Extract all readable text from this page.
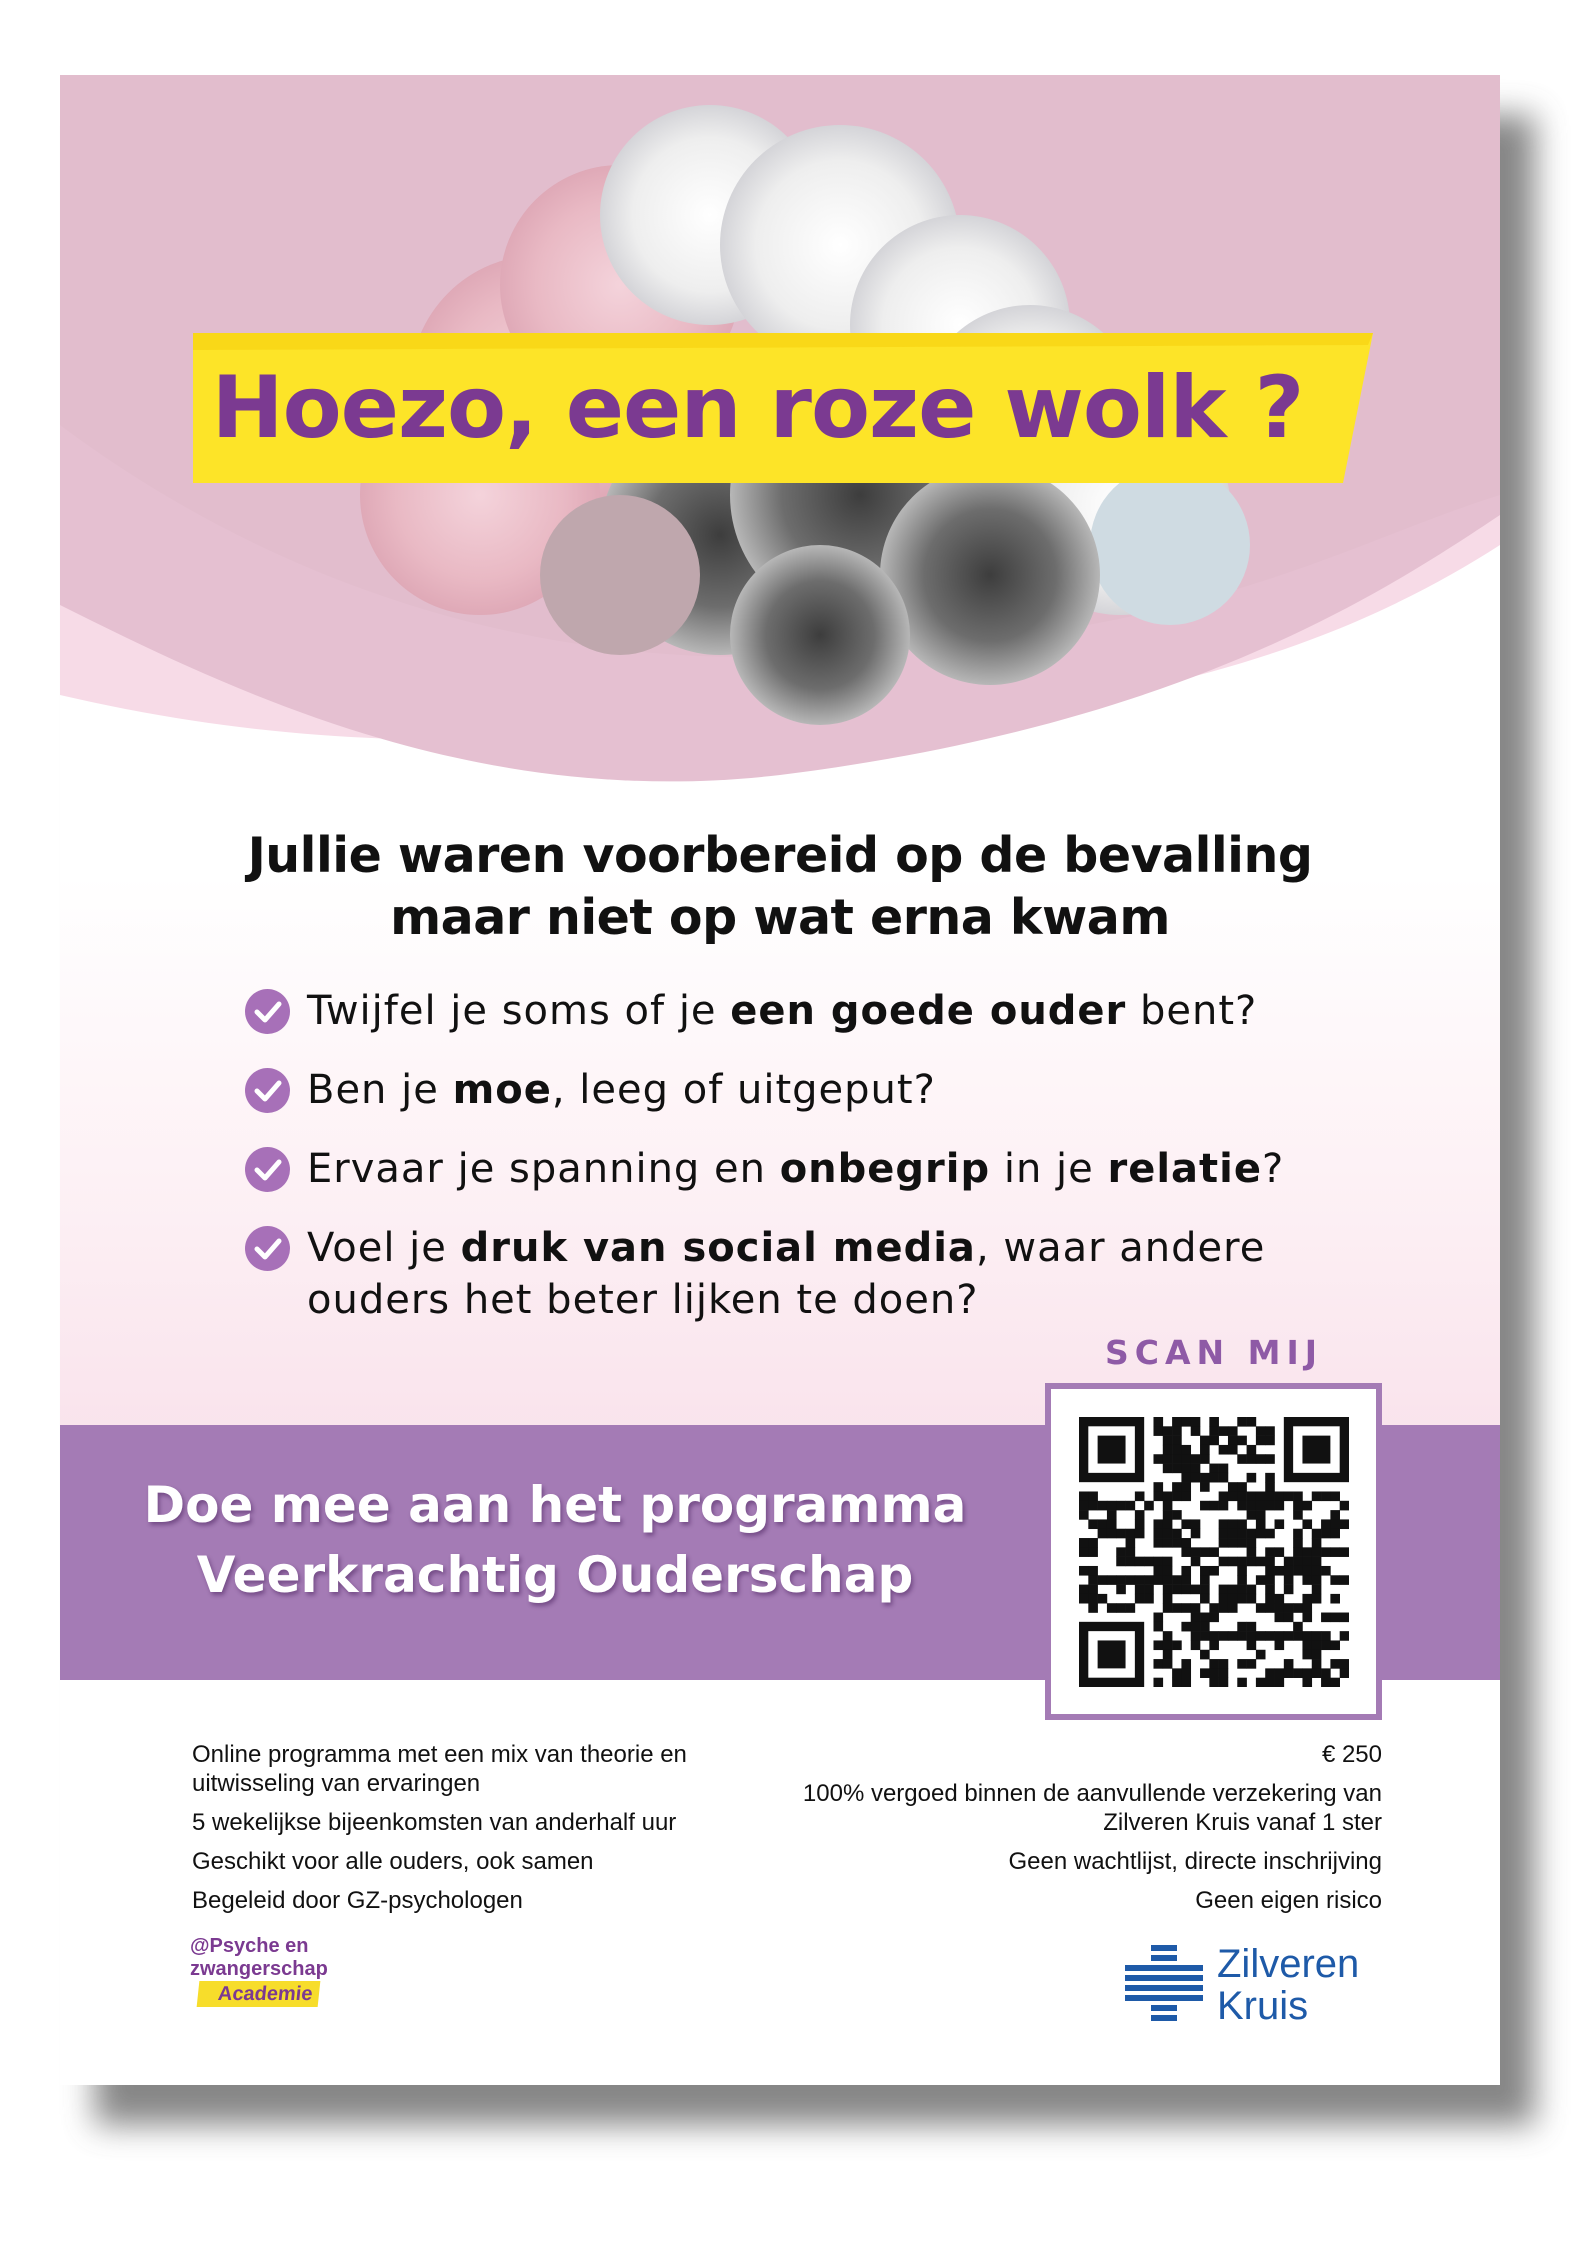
Hoezo, een roze wolk ?
Jullie waren voorbereid op de bevalling
maar niet op wat erna kwam
Twijfel je soms of je een goede ouder bent?
Ben je moe, leeg of uitgeput?
Ervaar je spanning en onbegrip in je relatie?
Voel je druk van social media, waar andere ouders het beter lijken te doen?
SCAN MIJ
Doe mee aan het programma
Veerkrachtig Ouderschap
Online programma met een mix van theorie en uitwisseling van ervaringen
5 wekelijkse bijeenkomsten van anderhalf uur
Geschikt voor alle ouders, ook samen
Begeleid door GZ-psychologen
€ 250
100% vergoed binnen de aanvullende verzekering van Zilveren Kruis vanaf 1 ster
Geen wachtlijst, directe inschrijving
Geen eigen risico
@Psyche en
zwangerschap
Academie
Zilveren
Kruis
